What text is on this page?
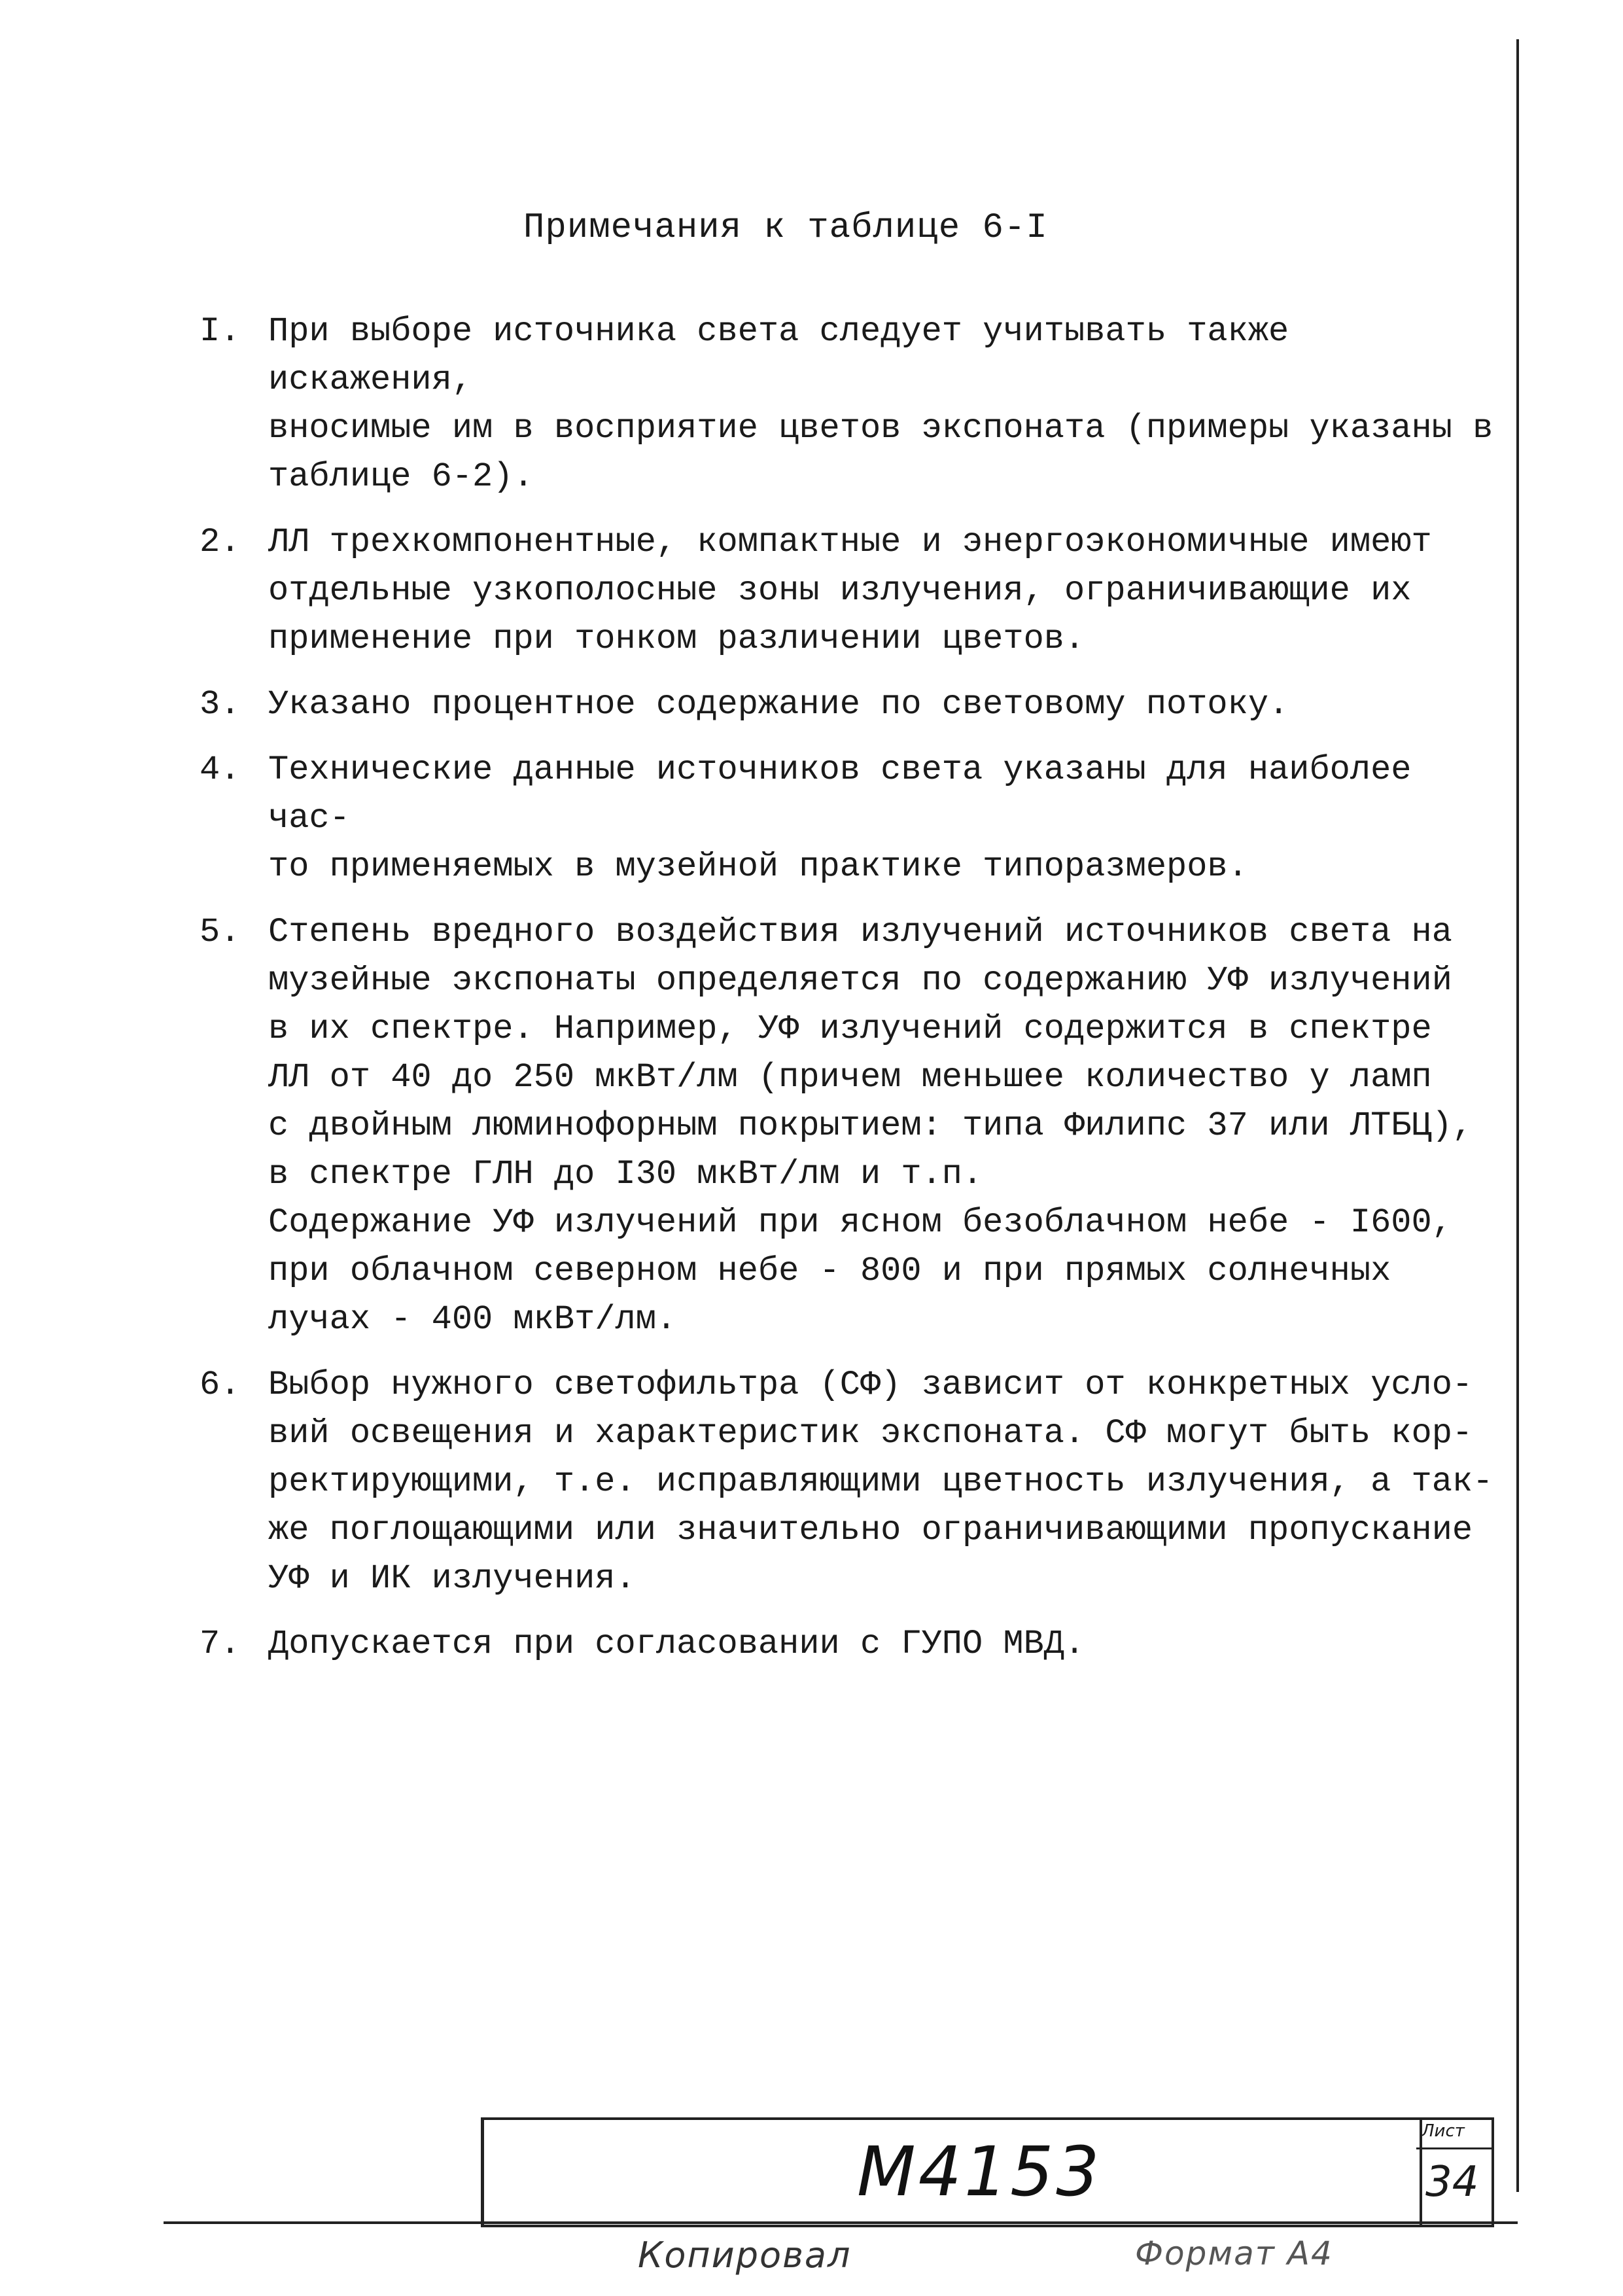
Примечания к таблице 6-I
I. При выборе источника света следует учитывать также искажения,
вносимые им в восприятие цветов экспоната (примеры указаны в
таблице 6-2).
2. ЛЛ трехкомпонентные, компактные и энергоэкономичные имеют
отдельные узкополосные зоны излучения, ограничивающие их
применение при тонком различении цветов.
3. Указано процентное содержание по световому потоку.
4. Технические данные источников света указаны для наиболее час-
то применяемых в музейной практике типоразмеров.
5. Степень вредного воздействия излучений источников света на
музейные экспонаты определяется по содержанию УФ излучений
в их спектре. Например, УФ излучений содержится в спектре
ЛЛ от 40 до 250 мкВт/лм (причем меньшее количество у ламп
с двойным люминофорным покрытием: типа Филипс 37 или ЛТБЦ),
в спектре ГЛН до I30 мкВт/лм и т.п.
Содержание УФ излучений при ясном безоблачном небе - I600,
при облачном северном небе - 800 и при прямых солнечных
лучах - 400 мкВт/лм.
6. Выбор нужного светофильтра (СФ) зависит от конкретных усло-
вий освещения и характеристик экспоната. СФ могут быть кор-
ректирующими, т.е. исправляющими цветность излучения, а так-
же поглощающими или значительно ограничивающими пропускание
УФ и ИК излучения.
7. Допускается при согласовании с ГУПО МВД.
M4153
Лист
34
Копировал	Формат А4
